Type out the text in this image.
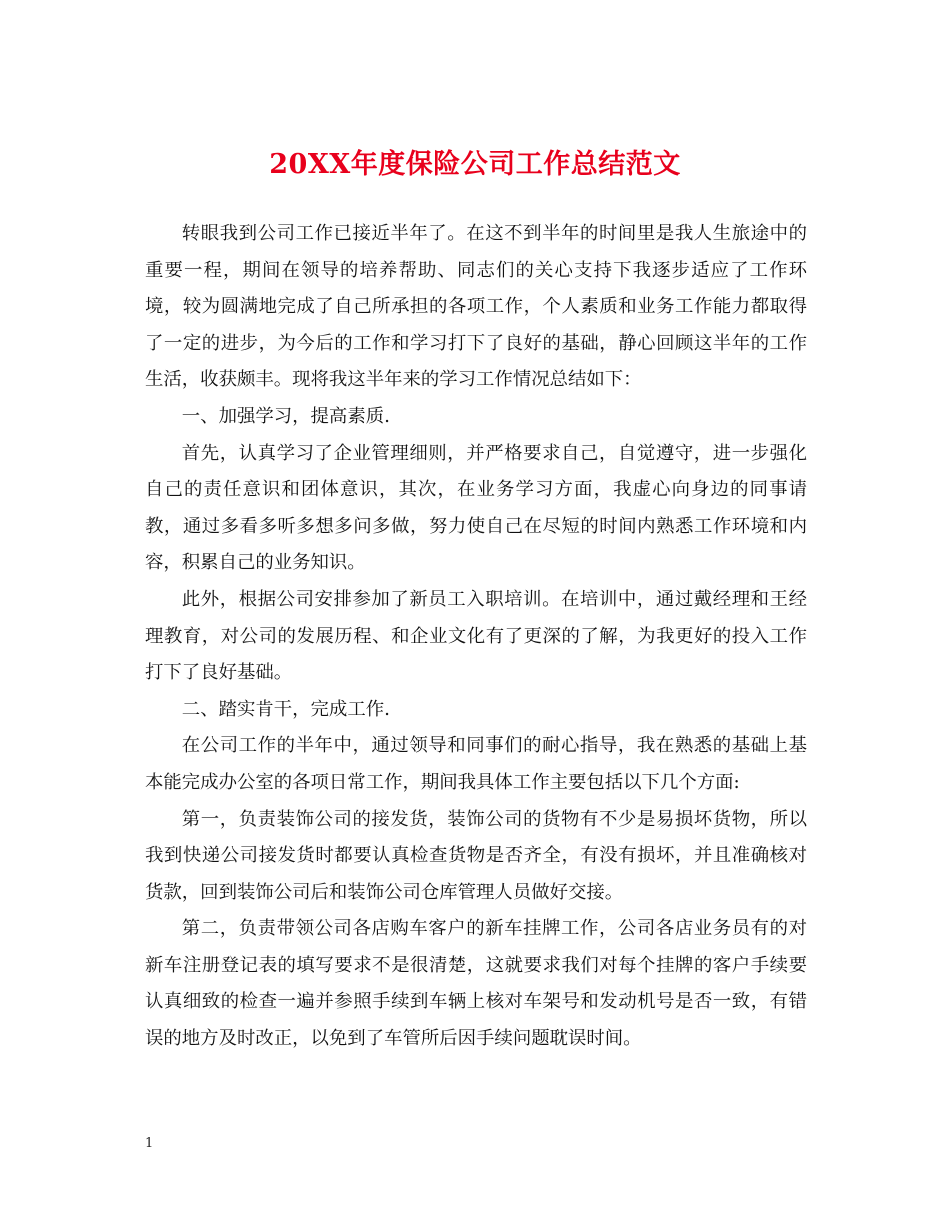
20XX年度保险公司工作总结范文

转眼我到公司工作已接近半年了。在这不到半年的时间里是我人生旅途中的重要一程，期间在领导的培养帮助、同志们的关心支持下我逐步适应了工作环境，较为圆满地完成了自己所承担的各项工作，个人素质和业务工作能力都取得了一定的进步，为今后的工作和学习打下了良好的基础，静心回顾这半年的工作生活，收获颇丰。现将我这半年来的学习工作情况总结如下：

一、加强学习，提高素质.

首先，认真学习了企业管理细则，并严格要求自己，自觉遵守，进一步强化自己的责任意识和团体意识，其次，在业务学习方面，我虚心向身边的同事请教，通过多看多听多想多问多做，努力使自己在尽短的时间内熟悉工作环境和内容，积累自己的业务知识。

此外，根据公司安排参加了新员工入职培训。在培训中，通过戴经理和王经理教育，对公司的发展历程、和企业文化有了更深的了解，为我更好的投入工作打下了良好基础。

二、踏实肯干，完成工作.

在公司工作的半年中，通过领导和同事们的耐心指导，我在熟悉的基础上基本能完成办公室的各项日常工作，期间我具体工作主要包括以下几个方面:

第一，负责装饰公司的接发货，装饰公司的货物有不少是易损坏货物，所以我到快递公司接发货时都要认真检查货物是否齐全，有没有损坏，并且准确核对货款，回到装饰公司后和装饰公司仓库管理人员做好交接。

第二，负责带领公司各店购车客户的新车挂牌工作，公司各店业务员有的对新车注册登记表的填写要求不是很清楚，这就要求我们对每个挂牌的客户手续要认真细致的检查一遍并参照手续到车辆上核对车架号和发动机号是否一致，有错误的地方及时改正，以免到了车管所后因手续问题耽误时间。

1
